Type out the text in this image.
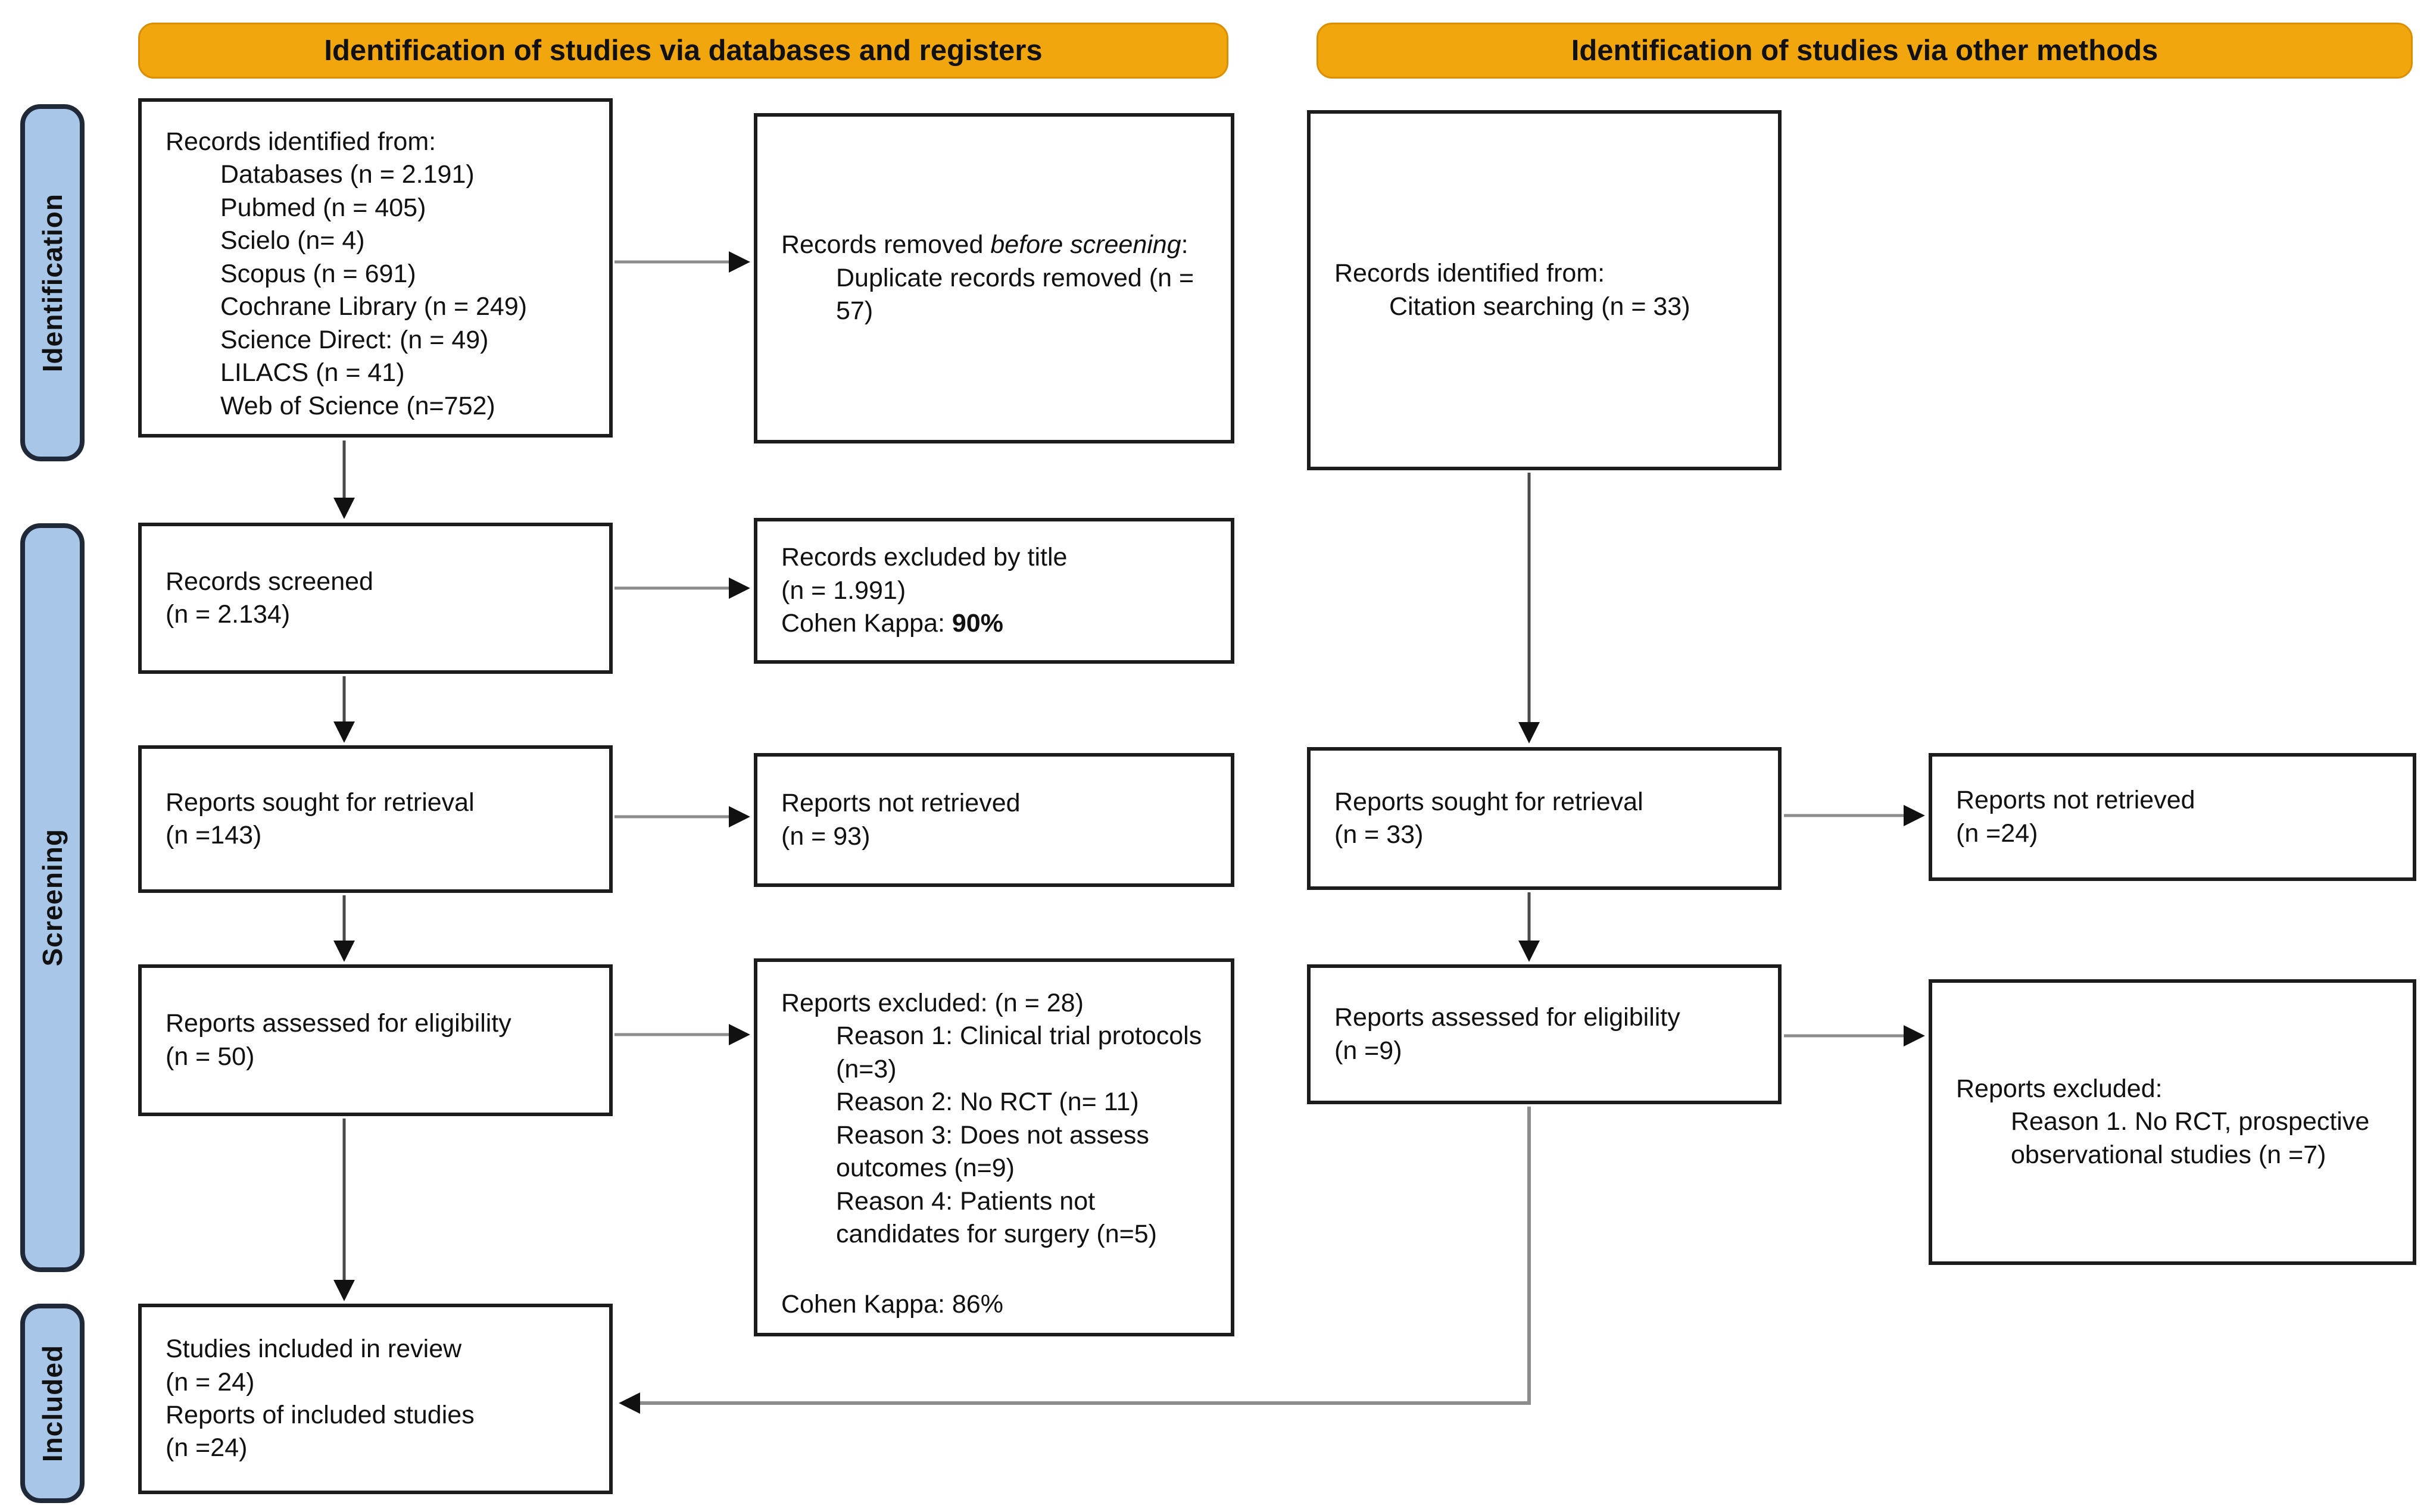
Identification of studies via databases and registers	Identification of studies via other methods
Identification
Screening
Included
Records identified from:
Databases (n = 2.191)
Pubmed (n = 405)
Scielo (n= 4)
Scopus (n = 691)
Cochrane Library (n = 249)
Science Direct: (n = 49)
LILACS (n = 41)
Web of Science (n=752)
Records removed before screening:
Duplicate records removed (n = 57)
Records identified from:
Citation searching (n = 33)
Records screened
(n = 2.134)
Records excluded by title
(n = 1.991)
Cohen Kappa: 90%
Reports sought for retrieval
(n =143)
Reports not retrieved
(n = 93)
Reports sought for retrieval
(n = 33)
Reports not retrieved
(n =24)
Reports assessed for eligibility
(n = 50)
Reports excluded: (n = 28)
Reason 1: Clinical trial protocols (n=3)
Reason 2: No RCT (n= 11)
Reason 3: Does not assess outcomes (n=9)
Reason 4: Patients not candidates for surgery (n=5)
Cohen Kappa: 86%
Reports assessed for eligibility
(n =9)
Reports excluded:
Reason 1. No RCT, prospective observational studies (n =7)
Studies included in review
(n = 24)
Reports of included studies
(n =24)
